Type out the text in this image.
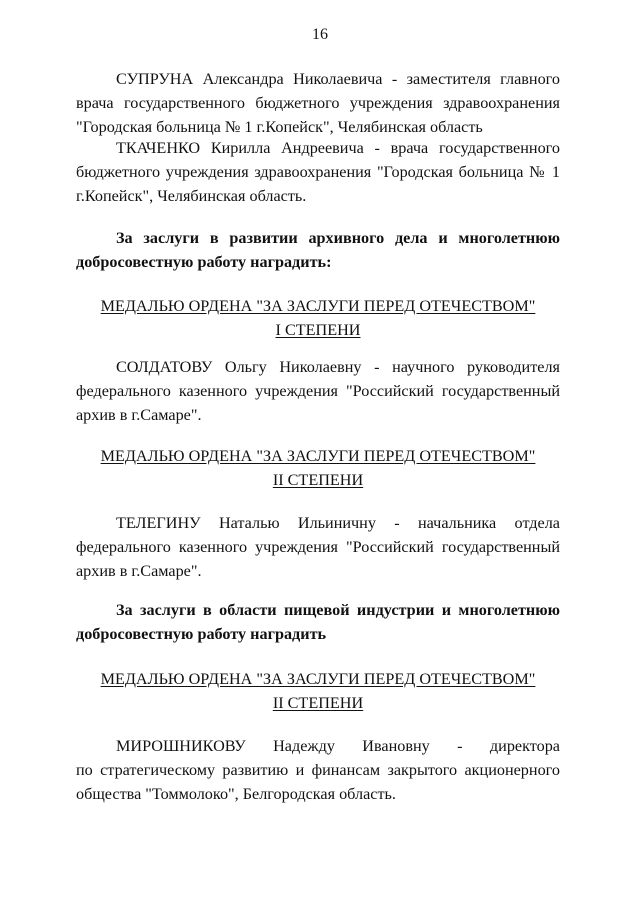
16
СУПРУНА Александра Николаевича - заместителя главного
врача государственного бюджетного учреждения здравоохранения
"Городская больница № 1 г.Копейск", Челябинская область
ТКАЧЕНКО Кирилла Андреевича - врача государственного
бюджетного учреждения здравоохранения "Городская больница № 1
г.Копейск", Челябинская область.
За заслуги в развитии архивного дела и многолетнюю
добросовестную работу наградить:
МЕДАЛЬЮ ОРДЕНА "ЗА ЗАСЛУГИ ПЕРЕД ОТЕЧЕСТВОМ"
I СТЕПЕНИ
СОЛДАТОВУ Ольгу Николаевну - научного руководителя
федерального казенного учреждения "Российский государственный
архив в г.Самаре".
МЕДАЛЬЮ ОРДЕНА "ЗА ЗАСЛУГИ ПЕРЕД ОТЕЧЕСТВОМ"
II СТЕПЕНИ
ТЕЛЕГИНУ Наталью Ильиничну - начальника отдела
федерального казенного учреждения "Российский государственный
архив в г.Самаре".
За заслуги в области пищевой индустрии и многолетнюю
добросовестную работу наградить
МЕДАЛЬЮ ОРДЕНА "ЗА ЗАСЛУГИ ПЕРЕД ОТЕЧЕСТВОМ"
II СТЕПЕНИ
МИРОШНИКОВУ Надежду Ивановну - директора
по стратегическому развитию и финансам закрытого акционерного
общества "Томмолоко", Белгородская область.
